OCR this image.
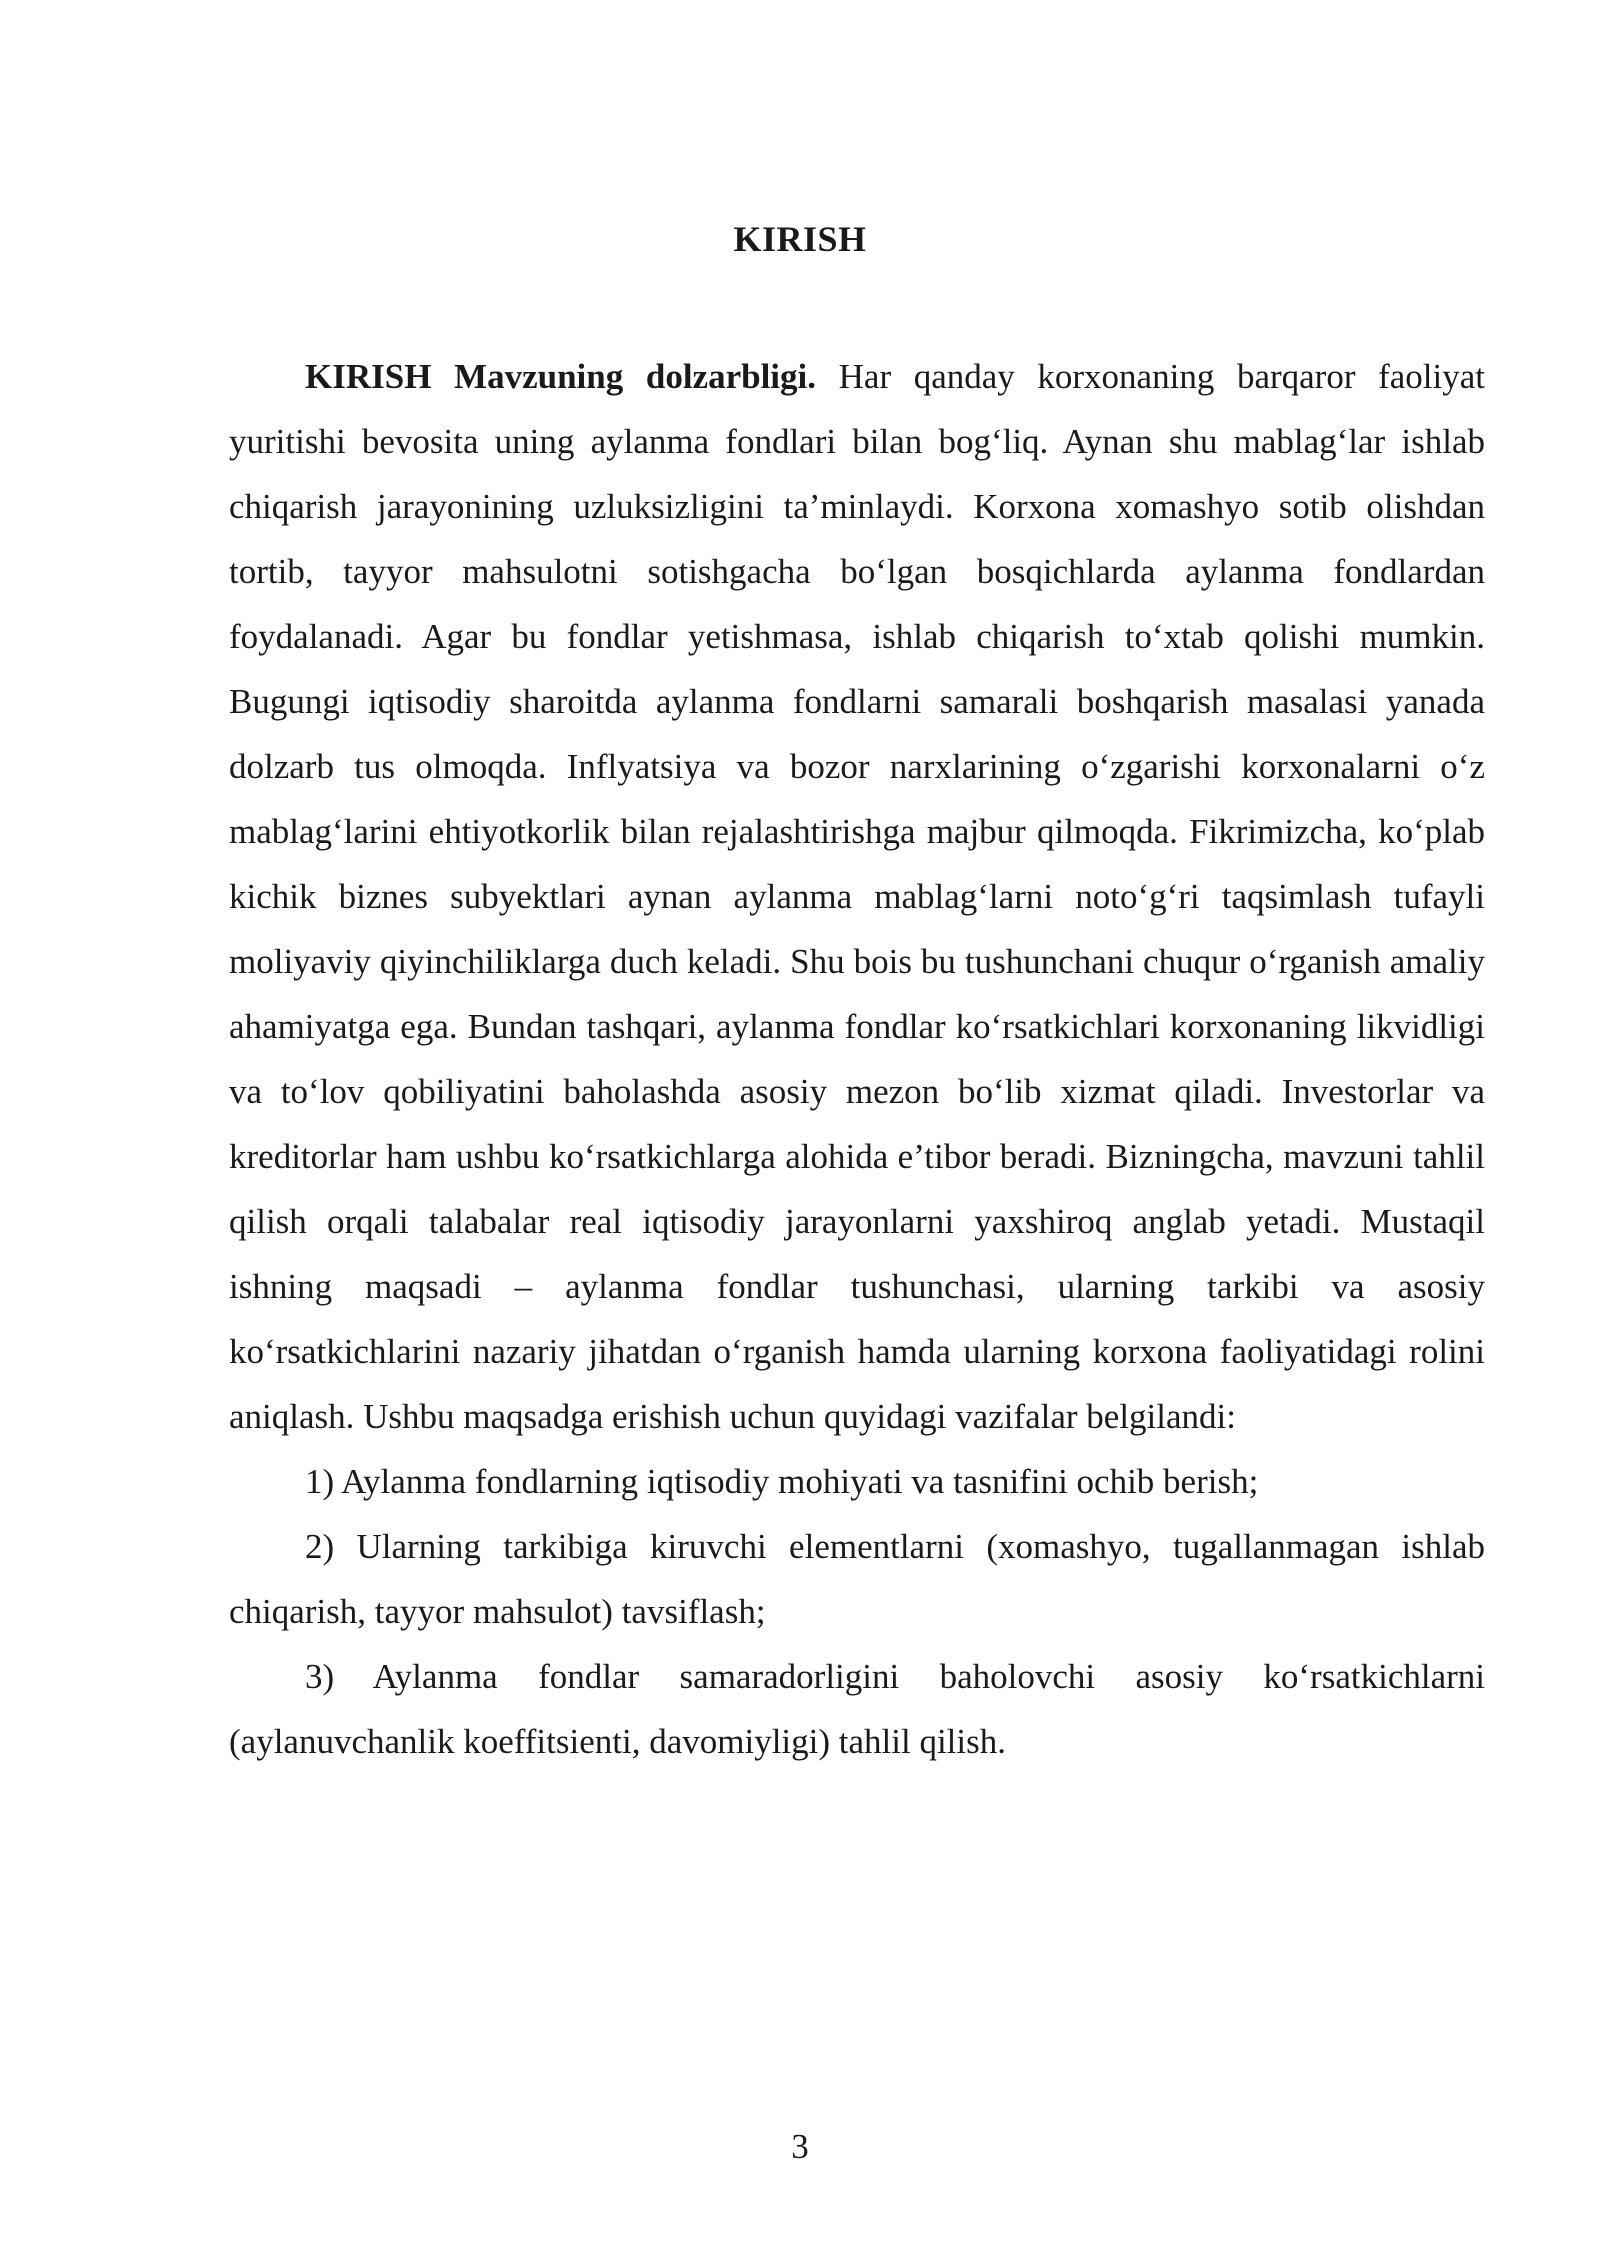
KIRISH

KIRISH Mavzuning dolzarbligi. Har qanday korxonaning barqaror faoliyat yuritishi bevosita uning aylanma fondlari bilan bog‘liq. Aynan shu mablag‘lar ishlab chiqarish jarayonining uzluksizligini ta’minlaydi. Korxona xomashyo sotib olishdan tortib, tayyor mahsulotni sotishgacha bo‘lgan bosqichlarda aylanma fondlardan foydalanadi. Agar bu fondlar yetishmasa, ishlab chiqarish to‘xtab qolishi mumkin. Bugungi iqtisodiy sharoitda aylanma fondlarni samarali boshqarish masalasi yanada dolzarb tus olmoqda. Inflyatsiya va bozor narxlarining o‘zgarishi korxonalarni o‘z mablag‘larini ehtiyotkorlik bilan rejalashtirishga majbur qilmoqda. Fikrimizcha, ko‘plab kichik biznes subyektlari aynan aylanma mablag‘larni noto‘g‘ri taqsimlash tufayli moliyaviy qiyinchiliklarga duch keladi. Shu bois bu tushunchani chuqur o‘rganish amaliy ahamiyatga ega. Bundan tashqari, aylanma fondlar ko‘rsatkichlari korxonaning likvidligi va to‘lov qobiliyatini baholashda asosiy mezon bo‘lib xizmat qiladi. Investorlar va kreditorlar ham ushbu ko‘rsatkichlarga alohida e’tibor beradi. Bizningcha, mavzuni tahlil qilish orqali talabalar real iqtisodiy jarayonlarni yaxshiroq anglab yetadi. Mustaqil ishning maqsadi – aylanma fondlar tushunchasi, ularning tarkibi va asosiy ko‘rsatkichlarini nazariy jihatdan o‘rganish hamda ularning korxona faoliyatidagi rolini aniqlash. Ushbu maqsadga erishish uchun quyidagi vazifalar belgilandi:

1) Aylanma fondlarning iqtisodiy mohiyati va tasnifini ochib berish;

2) Ularning tarkibiga kiruvchi elementlarni (xomashyo, tugallanmagan ishlab chiqarish, tayyor mahsulot) tavsiflash;

3) Aylanma fondlar samaradorligini baholovchi asosiy ko‘rsatkichlarni (aylanuvchanlik koeffitsienti, davomiyligi) tahlil qilish.

3
